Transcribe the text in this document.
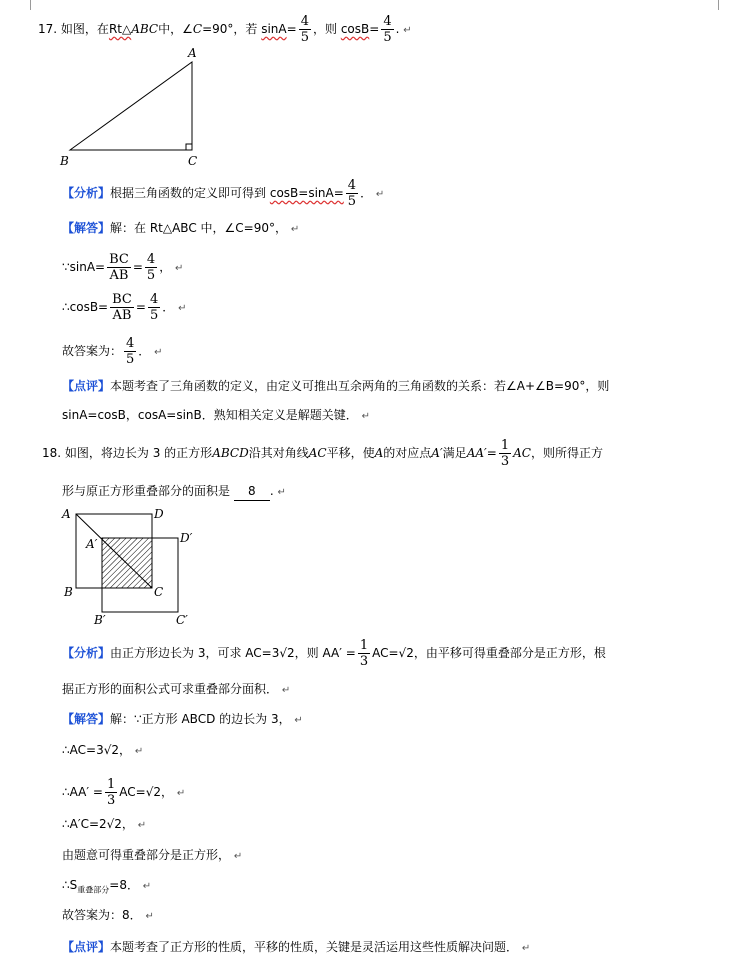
17. 如图，在Rt△ABC中，∠C=90°，若 $\sin A= \frac{4}{5}$ ，则 $\cos B= \frac{4}{5}$ . ↵
A
B	C
【分析】根据三角函数的定义即可得到 $\cos B=\sin A= \frac{4}{5}$ ． ↵
【解答】解：在 Rt△ABC 中，∠C=90°， ↵
∵sinA= $\frac{BC}{AB} = \frac{4}{5}$ ， ↵
∴cosB= $\frac{BC}{AB} = \frac{4}{5}$ ． ↵
故答案为： $\frac{4}{5}$ ． ↵
【点评】本题考查了三角函数的定义，由定义可推出互余两角的三角函数的关系：若∠A+∠B=90°，则
sinA=cosB，cosA=sinB．熟知相关定义是解题关键． ↵
18. 如图，将边长为 3 的正方形ABCD沿其对角线AC平移，使A的对应点A′满足$AA'= \frac{1}{3}$ AC，则所得正方
形与原正方形重叠部分的面积是 8 . ↵
A	D
A′	D′
B	C
B′	C′
【分析】由正方形边长为 3，可求 AC=3√2，则 $AA' = \frac{1}{3} AC=√2$，由平移可得重叠部分是正方形，根
据正方形的面积公式可求重叠部分面积． ↵
【解答】解：∵正方形 ABCD 的边长为 3， ↵
∴AC=3√2， ↵
∴AA′ = $\frac{1}{3} AC=√2$， ↵
∴A′C=2√2， ↵
由题意可得重叠部分是正方形， ↵
$\therefore S_{重叠部分}=8$． ↵
故答案为：8． ↵
【点评】本题考查了正方形的性质，平移的性质，关键是灵活运用这些性质解决问题． ↵
